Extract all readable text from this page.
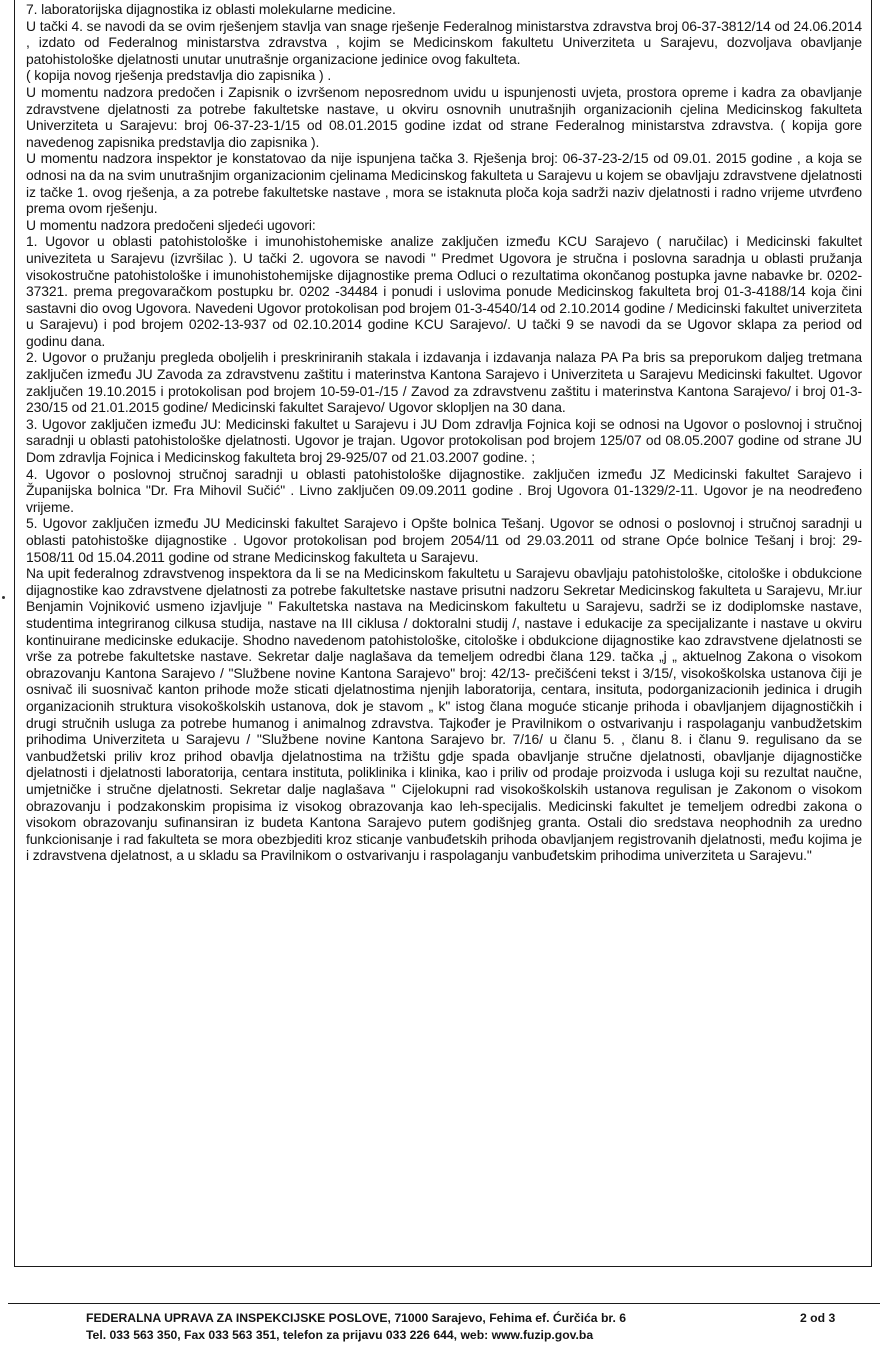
7. laboratorijska dijagnostika iz oblasti molekularne medicine.

U tački 4. se navodi da se ovim rješenjem stavlja van snage rješenje Federalnog ministarstva zdravstva broj 06-37-3812/14 od 24.06.2014 , izdato od Federalnog ministarstva zdravstva , kojim se Medicinskom fakultetu Univerziteta u Sarajevu, dozvoljava obavljanje patohistološke djelatnosti unutar unutrašnje organizacione jedinice ovog fakulteta.

( kopija novog rješenja predstavlja dio zapisnika ) .

U momentu nadzora predočen i Zapisnik o izvršenom neposrednom uvidu u ispunjenosti uvjeta, prostora opreme i kadra za obavljanje zdravstvene djelatnosti za potrebe fakultetske nastave, u okviru osnovnih unutrašnjih organizacionih cjelina Medicinskog fakulteta Univerziteta u Sarajevu: broj 06-37-23-1/15 od 08.01.2015 godine izdat od strane Federalnog ministarstva zdravstva. ( kopija gore navedenog zapisnika predstavlja dio zapisnika ).

U momentu nadzora inspektor je konstatovao da nije ispunjena tačka 3. Rješenja broj: 06-37-23-2/15 od 09.01. 2015 godine , a koja se odnosi na da na svim unutrašnjim organizacionim cjelinama Medicinskog fakulteta u Sarajevu u kojem se obavljaju zdravstvene djelatnosti iz tačke 1. ovog rješenja, a za potrebe fakultetske nastave , mora se istaknuta ploča koja sadrži naziv djelatnosti i radno vrijeme utvrđeno prema ovom rješenju.

U momentu nadzora predočeni sljedeći ugovori:

1. Ugovor u oblasti patohistološke i imunohistohemiske analize zaključen između KCU Sarajevo ( naručilac) i Medicinski fakultet univeziteta u Sarajevu (izvršilac ). U tački 2. ugovora se navodi " Predmet Ugovora je stručna i poslovna saradnja u oblasti pružanja visokostručne patohistološke i imunohistohemijske dijagnostike prema Odluci o rezultatima okončanog postupka javne nabavke br. 0202-37321. prema pregovaračkom postupku br. 0202 -34484 i ponudi i uslovima ponude Medicinskog fakulteta broj 01-3-4188/14 koja čini sastavni dio ovog Ugovora. Navedeni Ugovor protokolisan pod brojem 01-3-4540/14 od 2.10.2014 godine / Medicinski fakultet univerziteta u Sarajevu) i pod brojem 0202-13-937 od 02.10.2014 godine KCU Sarajevo/. U tački 9 se navodi da se Ugovor sklapa za period od godinu dana.

2. Ugovor o pružanju pregleda oboljelih i preskriniranih stakala i izdavanja i izdavanja nalaza PA Pa bris sa preporukom daljeg tretmana zaključen između JU Zavoda za zdravstvenu zaštitu i materinstva Kantona Sarajevo i Univerziteta u Sarajevu Medicinski fakultet. Ugovor zaključen 19.10.2015 i protokolisan pod brojem 10-59-01-/15 / Zavod za zdravstvenu zaštitu i materinstva Kantona Sarajevo/ i broj 01-3-230/15 od 21.01.2015 godine/ Medicinski fakultet Sarajevo/ Ugovor sklopljen na 30 dana.

3. Ugovor zaključen između JU: Medicinski fakultet u Sarajevu i JU Dom zdravlja Fojnica koji se odnosi na Ugovor o poslovnoj i stručnoj saradnji u oblasti patohistološke djelatnosti. Ugovor je trajan. Ugovor protokolisan pod brojem 125/07 od 08.05.2007 godine od strane JU Dom zdravlja Fojnica i Medicinskog fakulteta broj 29-925/07 od 21.03.2007 godine. ;

4. Ugovor o poslovnoj stručnoj saradnji u oblasti patohistološke dijagnostike. zaključen između JZ Medicinski fakultet Sarajevo i Županijska bolnica "Dr. Fra Mihovil Sučić" . Livno zaključen 09.09.2011 godine . Broj Ugovora 01-1329/2-11. Ugovor je na neodređeno vrijeme.

5. Ugovor zaključen između JU Medicinski fakultet Sarajevo i Opšte bolnica Tešanj. Ugovor se odnosi o poslovnoj i stručnoj saradnji u oblasti patohistoške dijagnostike . Ugovor protokolisan pod brojem 2054/11 od 29.03.2011 od strane Opće bolnice Tešanj i broj: 29-1508/11 0d 15.04.2011 godine od strane Medicinskog fakulteta u Sarajevu.

Na upit federalnog zdravstvenog inspektora da li se na Medicinskom fakultetu u Sarajevu obavljaju patohistološke, citološke i obdukcione dijagnostike kao zdravstvene djelatnosti za potrebe fakultetske nastave prisutni nadzoru Sekretar Medicinskog fakulteta u Sarajevu, Mr.iur Benjamin Vojniković usmeno izjavljuje " Fakultetska nastava na Medicinskom fakultetu u Sarajevu, sadrži se iz dodiplomske nastave, studentima integriranog cilkusa studija, nastave na III ciklusa / doktoralni studij /, nastave i edukacije za specijalizante i nastave u okviru kontinuirane medicinske edukacije. Shodno navedenom patohistološke, citološke i obdukcione dijagnostike kao zdravstvene djelatnosti se vrše za potrebe fakultetske nastave. Sekretar dalje naglašava da temeljem odredbi člana 129. tačka „j „ aktuelnog Zakona o visokom obrazovanju Kantona Sarajevo / "Službene novine Kantona Sarajevo" broj: 42/13- prečišćeni tekst i 3/15/, visokoškolska ustanova čiji je osnivač ili suosnivač kanton prihode može sticati djelatnostima njenjih laboratorija, centara, insituta, podorganizacionih jedinica i drugih organizacionih struktura visokoškolskih ustanova, dok je stavom „ k" istog člana moguće sticanje prihoda i obavljanjem dijagnostičkih i drugi stručnih usluga za potrebe humanog i animalnog zdravstva. Tajkođer je Pravilnikom o ostvarivanju i raspolaganju vanbudžetskim prihodima Univerziteta u Sarajevu / "Službene novine Kantona Sarajevo br. 7/16/ u članu 5. , članu 8. i članu 9. regulisano da se vanbudžetski priliv kroz prihod obavlja djelatnostima na tržištu gdje spada obavljanje stručne djelatnosti, obavljanje dijagnostičke djelatnosti i djelatnosti laboratorija, centara instituta, poliklinika i klinika, kao i priliv od prodaje proizvoda i usluga koji su rezultat naučne, umjetničke i stručne djelatnosti. Sekretar dalje naglašava " Cijelokupni rad visokoškolskih ustanova regulisan je Zakonom o visokom obrazovanju i podzakonskim propisima iz visokog obrazovanja kao leh-specijalis. Medicinski fakultet je temeljem odredbi zakona o visokom obrazovanju sufinansiran iz budeta Kantona Sarajevo putem godišnjeg granta. Ostali dio sredstava neophodnih za uredno funkcionisanje i rad fakulteta se mora obezbjediti kroz sticanje vanbuđetskih prihoda obavljanjem registrovanih djelatnosti, među kojima je i zdravstvena djelatnost, a u skladu sa Pravilnikom o ostvarivanju i raspolaganju vanbuđetskim prihodima univerziteta u Sarajevu."

FEDERALNA UPRAVA ZA INSPEKCIJSKE POSLOVE, 71000 Sarajevo, Fehima ef. Ćurčića br. 6	2 od 3
Tel. 033 563 350, Fax 033 563 351, telefon za prijavu 033 226 644, web: www.fuzip.gov.ba
